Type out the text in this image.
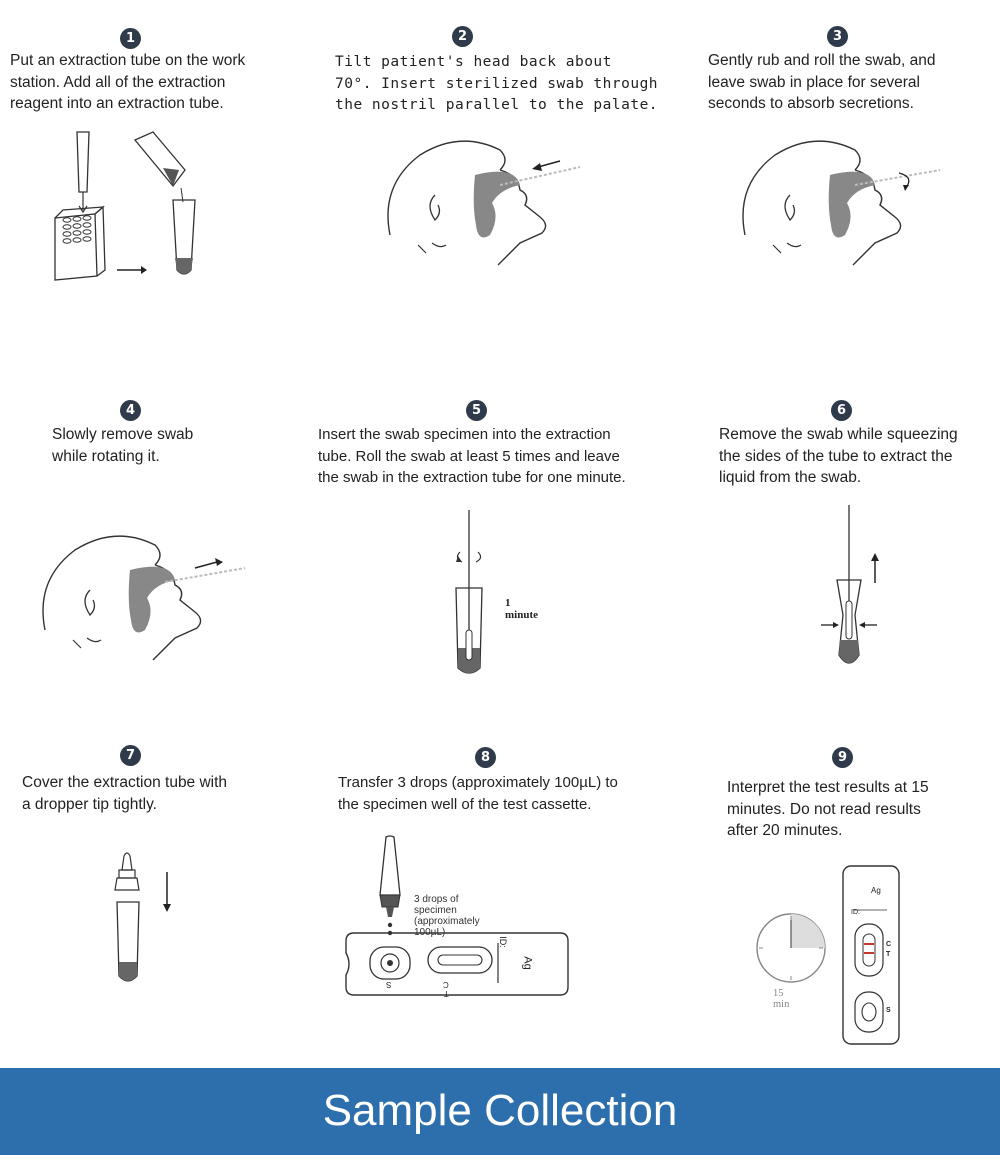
1
Put an extraction tube on the work
station. Add all of the extraction
reagent into an extraction tube.
2
Tilt patient's head back about
70°. Insert sterilized swab through
the nostril parallel to the palate.
3
Gently rub and roll the swab, and
leave swab in place for several
seconds to absorb secretions.
4
Slowly remove swab
while rotating it.
5
Insert the swab specimen into the extraction
tube. Roll the swab at least 5 times and leave
the swab in the extraction tube for one minute.
1 minute
6
Remove the swab while squeezing
the sides of the tube to extract the
liquid from the swab.
7
Cover the extraction tube with
a dropper tip tightly.
8
Transfer 3 drops (approximately 100µL) to
the specimen well of the test cassette.
3 drops of specimen (approximately 100µL)
ID:
Ag
S
T C
9
Interpret the test results at 15
minutes. Do not read results
after 20 minutes.
15 min
Ag
ID:
C
T
S
Sample Collection
